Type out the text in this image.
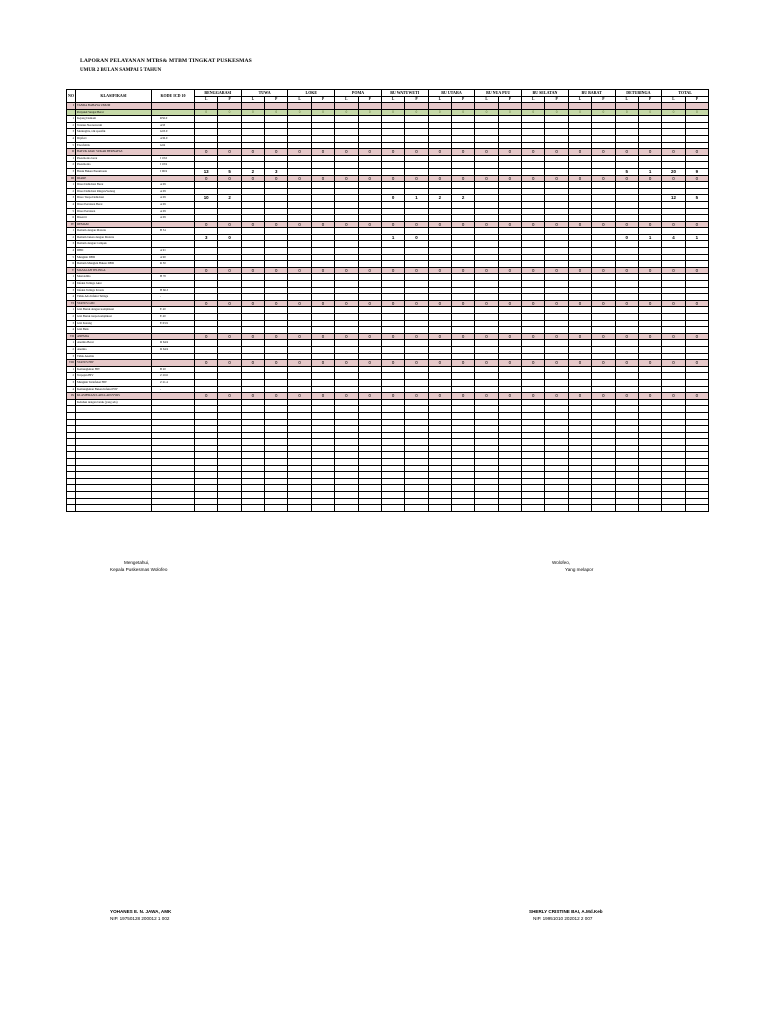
LAPORAN PELAYANAN MTBS& MTBM TINGKAT PUSKESMAS
UMUR 2 BULAN SAMPAI 5 TAHUN
NO	KLASIFIKASI	KODE ICD 10	BENGGARASI		TUWA		LOKE		POMA		BU WATUWETI		BU UTARA		BU NUA PUU		BU SELATAN		BU BARAT		DETUBINGA		TOTAL	
			L	P	L	P	L	P	L	P	L	P	L	P	L	P	L	P	L	P	L	P	L	P
I	TANDA BAHAYA UMUM																							
	Penyakit Sangat Berat		0	0	0	0	0	0	0	0	0	0	0	0	0	0	0	0	0	0	0	0	0	0
1	Kejang Demam	R56.0																						
2	Tetanus Neonatorum	A33																						
3	Meningitis, tdk spesifik	G03.9																						
4	Dipfteri	A36.9																						
5	Encefalitis	G04																						
II	BATUK ATAU SUKAR BERNAFAS		0	0	0	0	0	0	0	0	0	0	0	0	0	0	0	0	0	0	0	0	0	0
1	Pneumonia berat	J 18.0																						
2	Pneumonia	J 18.9																						
3	Batuk Bukan Pneumonia	J 06.9	13	5	2	3															5	1	20	9
III	DIARE		0	0	0	0	0	0	0	0	0	0	0	0	0	0	0	0	0	0	0	0	0	0
1	Diare Dehidrasi Berat	A 09																						
2	Diare Dehidrasi Ringan/Sedang	A 09																						
3	Diare Tanpa Dehidrasi	A 09	10	2							0	1	2	2									12	5
4	Diare Persisten Berat	A 09																						
5	Diare Persisten	A 09																						
6	Disentri	A 09																						
IV	DEMAM		0	0	0	0	0	0	0	0	0	0	0	0	0	0	0	0	0	0	0	0	0	0
1	Demam dengan Malaria	B 54																						
2	Demam bukan dengan Malaria		3	0							1	0									0	1	4	1
3	Demam dengan Campak																							
4	DBD	A 91																						
5	Mungkin DBD	A 90																						
6	Demam Mungkin Bukan DBD	R 50																						
V	MASALAH TELINGA		0	0	0	0	0	0	0	0	0	0	0	0	0	0	0	0	0	0	0	0	0	0
1	Mastoiditis	H 70																						
2	Infeksi Telinga Akut																							
3	Infeksi Telinga Kronis	H 66.3																						
4	Tidak Ada Infeksi Telinga	-																						
VI	STATUS GIZI		0	0	0	0	0	0	0	0	0	0	0	0	0	0	0	0	0	0	0	0	0	0
1	Gizi Buruk dengan komplikasi	E 40																						
2	Gizi Buruk tanpa komplikasi	E 40																						
3	Gizi Kurang	E 63.9																						
4	Gizi Baik																							
VII	ANEMIA		0	0	0	0	0	0	0	0	0	0	0	0	0	0	0	0	0	0	0	0	0	0
1	Anemia Berat	D 64.9																						
2	Anemia	D 64.9																						
3	Tidak Anemia																							
VIII	STATUS HIV		0	0	0	0	0	0	0	0	0	0	0	0	0	0	0	0	0	0	0	0	0	0
1	Kemungkinan HIV	B 20																						
2	Terpajan HIV	Z 20.6																						
3	Mungkin Terinfeksi HIV	Z 21.4																						
4	Kemungkinan Bukan Infeksi HIV	-																						
IX	KLASIFIKASI LAIN-LAIN/SYRS		0	0	0	0	0	0	0	0	0	0	0	0	0	0	0	0	0	0	0	0	0	0
	Keluhan dengan batuk (yang ada)																							

Mengetahui,
Kepala Puskesmas Wolofeo
Wolofeo,
Yang melapor
YOHANES E. N. JAWA, AMK
NIP. 19750128 200012 1 002
SHERLY CRISTINE BAI, A.Md.Keb
NIP. 19951010 202012 2 007
